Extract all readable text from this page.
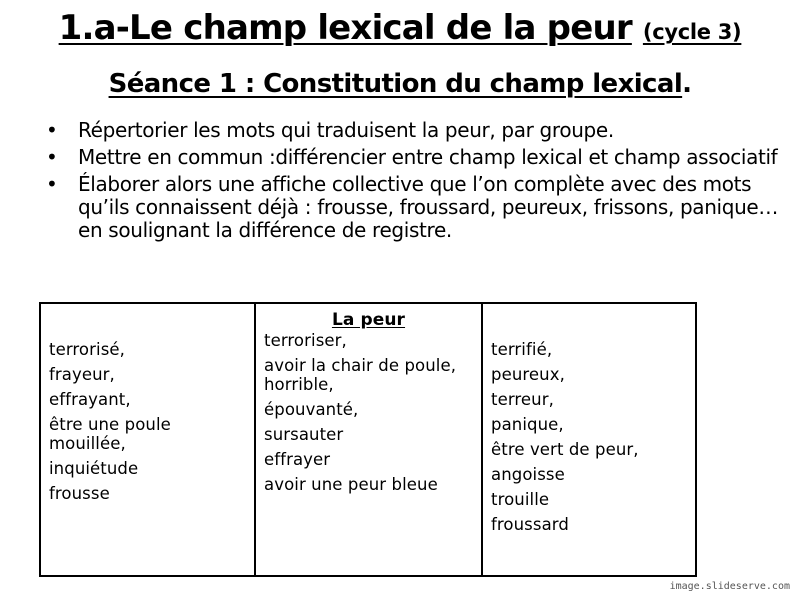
1.a-Le champ lexical de la peur (cycle 3)
Séance 1 : Constitution du champ lexical.
• Répertorier les mots qui traduisent la peur, par groupe.
• Mettre en commun :différencier entre champ lexical et champ associatif
• Élaborer alors une affiche collective que l’on complète avec des mots qu’ils connaissent déjà : frousse, froussard, peureux, frissons, panique… en soulignant la différence de registre.
terrorisé,
frayeur,
effrayant,
être une poule mouillée,
inquiétude
frousse
La peur
terroriser,
avoir la chair de poule, horrible,
épouvanté,
sursauter
effrayer
avoir une peur bleue
terrifié,
peureux,
terreur,
panique,
être vert de peur,
angoisse
trouille
froussard
image.slideserve.com
